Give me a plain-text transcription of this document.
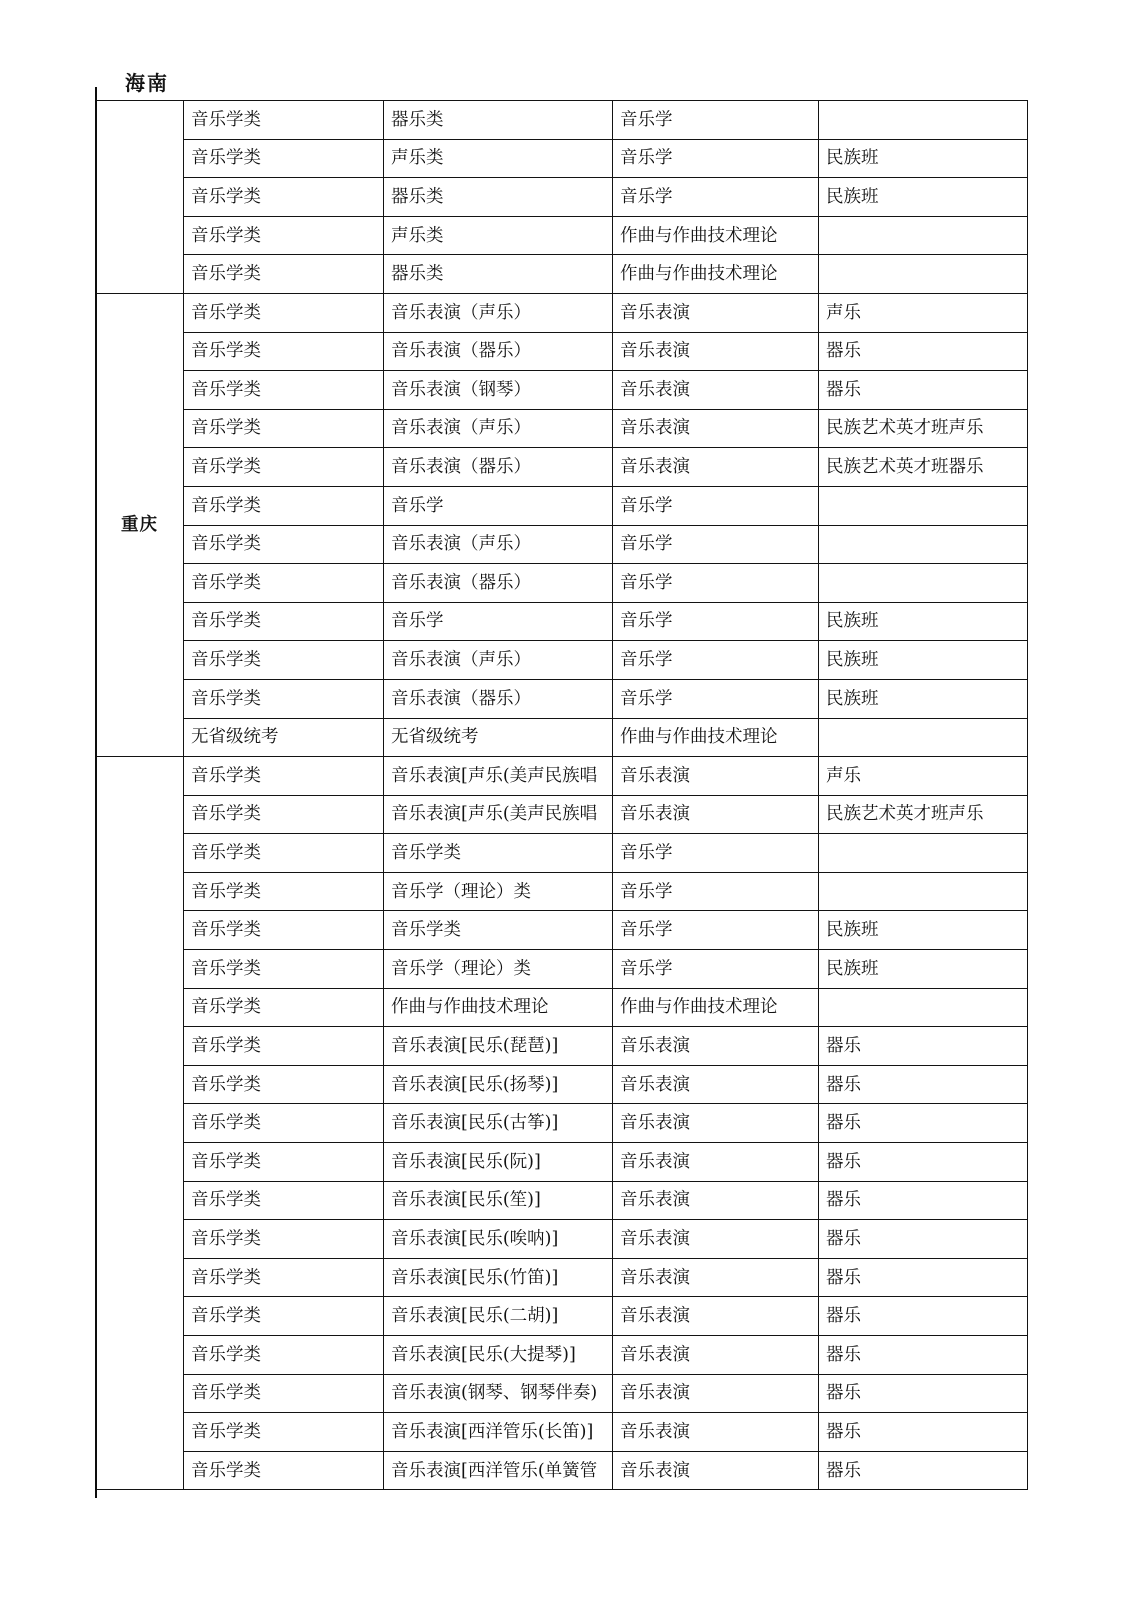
海南
	音乐学类	器乐类	音乐学	
	音乐学类	声乐类	音乐学	民族班
	音乐学类	器乐类	音乐学	民族班
	音乐学类	声乐类	作曲与作曲技术理论	
	音乐学类	器乐类	作曲与作曲技术理论	
重庆	音乐学类	音乐表演（声乐）	音乐表演	声乐
	音乐学类	音乐表演（器乐）	音乐表演	器乐
	音乐学类	音乐表演（钢琴）	音乐表演	器乐
	音乐学类	音乐表演（声乐）	音乐表演	民族艺术英才班声乐
	音乐学类	音乐表演（器乐）	音乐表演	民族艺术英才班器乐
	音乐学类	音乐学	音乐学	
	音乐学类	音乐表演（声乐）	音乐学	
	音乐学类	音乐表演（器乐）	音乐学	
	音乐学类	音乐学	音乐学	民族班
	音乐学类	音乐表演（声乐）	音乐学	民族班
	音乐学类	音乐表演（器乐）	音乐学	民族班
	无省级统考	无省级统考	作曲与作曲技术理论	
	音乐学类	音乐表演[声乐(美声民族唱	音乐表演	声乐
	音乐学类	音乐表演[声乐(美声民族唱	音乐表演	民族艺术英才班声乐
	音乐学类	音乐学类	音乐学	
	音乐学类	音乐学（理论）类	音乐学	
	音乐学类	音乐学类	音乐学	民族班
	音乐学类	音乐学（理论）类	音乐学	民族班
	音乐学类	作曲与作曲技术理论	作曲与作曲技术理论	
	音乐学类	音乐表演[民乐(琵琶)]	音乐表演	器乐
	音乐学类	音乐表演[民乐(扬琴)]	音乐表演	器乐
	音乐学类	音乐表演[民乐(古筝)]	音乐表演	器乐
	音乐学类	音乐表演[民乐(阮)]	音乐表演	器乐
	音乐学类	音乐表演[民乐(笙)]	音乐表演	器乐
	音乐学类	音乐表演[民乐(唉呐)]	音乐表演	器乐
	音乐学类	音乐表演[民乐(竹笛)]	音乐表演	器乐
	音乐学类	音乐表演[民乐(二胡)]	音乐表演	器乐
	音乐学类	音乐表演[民乐(大提琴)]	音乐表演	器乐
	音乐学类	音乐表演(钢琴、钢琴伴奏)	音乐表演	器乐
	音乐学类	音乐表演[西洋管乐(长笛)]	音乐表演	器乐
	音乐学类	音乐表演[西洋管乐(单簧管	音乐表演	器乐
